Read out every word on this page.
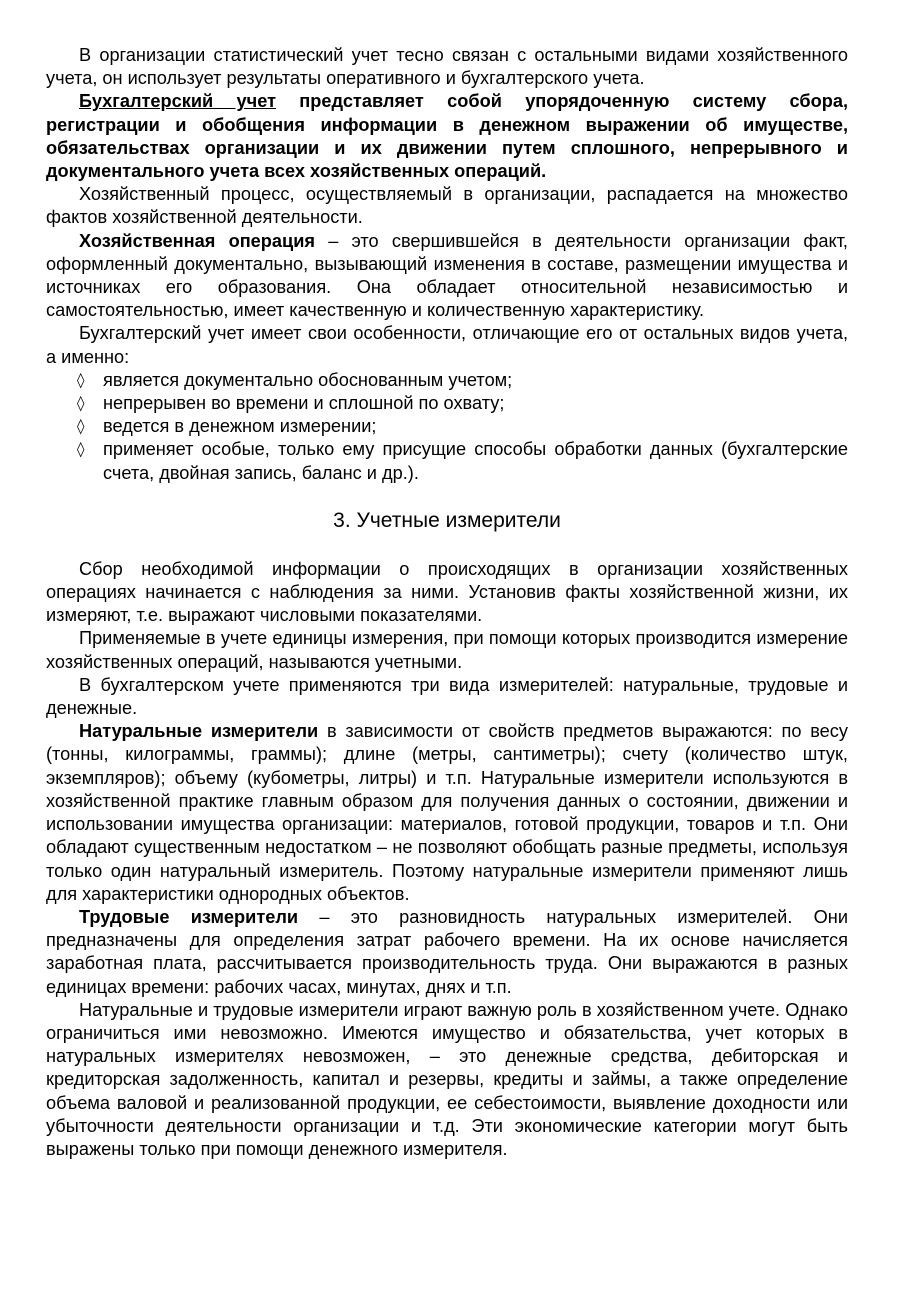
В организации статистический учет тесно связан с остальными видами хозяйственного учета, он использует результаты оперативного и бухгалтерского учета.

Бухгалтерский учет представляет собой упорядоченную систему сбора, регистрации и обобщения информации в денежном выражении об имуществе, обязательствах организации и их движении путем сплошного, непрерывного и документального учета всех хозяйственных операций.

Хозяйственный процесс, осуществляемый в организации, распадается на множество фактов хозяйственной деятельности.

Хозяйственная операция – это свершившейся в деятельности организации факт, оформленный документально, вызывающий изменения в составе, размещении имущества и источниках его образования. Она обладает относительной независимостью и самостоятельностью, имеет качественную и количественную характеристику.

Бухгалтерский учет имеет свои особенности, отличающие его от остальных видов учета, а именно:

◊ является документально обоснованным учетом;
◊ непрерывен во времени и сплошной по охвату;
◊ ведется в денежном измерении;
◊ применяет особые, только ему присущие способы обработки данных (бухгалтерские счета, двойная запись, баланс и др.).
3. Учетные измерители

Сбор необходимой информации о происходящих в организации хозяйственных операциях начинается с наблюдения за ними. Установив факты хозяйственной жизни, их измеряют, т.е. выражают числовыми показателями.

Применяемые в учете единицы измерения, при помощи которых производится измерение хозяйственных операций, называются учетными.

В бухгалтерском учете применяются три вида измерителей: натуральные, трудовые и денежные.

Натуральные измерители в зависимости от свойств предметов выражаются: по весу (тонны, килограммы, граммы); длине (метры, сантиметры); счету (количество штук, экземпляров); объему (кубометры, литры) и т.п. Натуральные измерители используются в хозяйственной практике главным образом для получения данных о состоянии, движении и использовании имущества организации: материалов, готовой продукции, товаров и т.п. Они обладают существенным недостатком – не позволяют обобщать разные предметы, используя только один натуральный измеритель. Поэтому натуральные измерители применяют лишь для характеристики однородных объектов.

Трудовые измерители – это разновидность натуральных измерителей. Они предназначены для определения затрат рабочего времени. На их основе начисляется заработная плата, рассчитывается производительность труда. Они выражаются в разных единицах времени: рабочих часах, минутах, днях и т.п.

Натуральные и трудовые измерители играют важную роль в хозяйственном учете. Однако ограничиться ими невозможно. Имеются имущество и обязательства, учет которых в натуральных измерителях невозможен, – это денежные средства, дебиторская и кредиторская задолженность, капитал и резервы, кредиты и займы, а также определение объема валовой и реализованной продукции, ее себестоимости, выявление доходности или убыточности деятельности организации и т.д. Эти экономические категории могут быть выражены только при помощи денежного измерителя.
